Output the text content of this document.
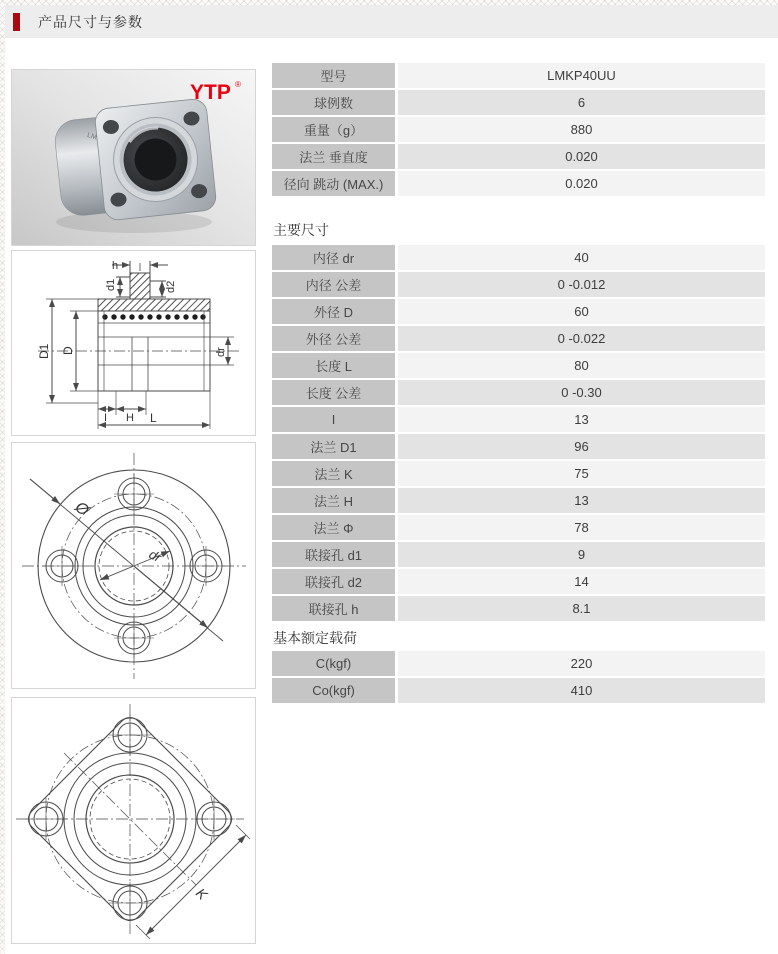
产品尺寸与参数
LMKP
YTP ®
h
d1	d2
D1 D	dr
I H L
Ø
dr
K
型号	LMKP40UU
球例数	6
重量（g）	880
法兰 垂直度	0.020
径向 跳动 (MAX.)	0.020
主要尺寸
内径 dr	40
内径 公差	0 -0.012
外径 D	60
外径 公差	0 -0.022
长度 L	80
长度 公差	0 -0.30
I	13
法兰 D1	96
法兰 K	75
法兰 H	13
法兰 Φ	78
联接孔 d1	9
联接孔 d2	14
联接孔 h	8.1
基本额定载荷
C(kgf)	220
Co(kgf)	410
